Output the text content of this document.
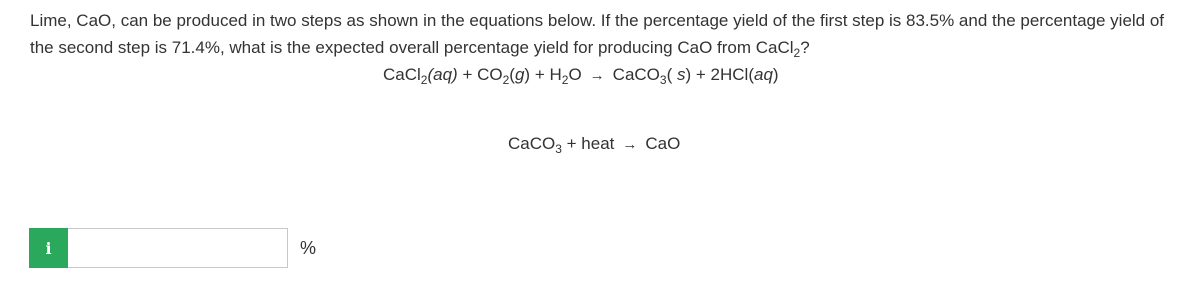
Lime, CaO, can be produced in two steps as shown in the equations below. If the percentage yield of the first step is 83.5% and the percentage yield of the second step is 71.4%, what is the expected overall percentage yield for producing CaO from CaCl$_2$?

CaCl$_2$(aq) + $CO_2(g) + H_2O$ → CaCO$_3$( s) + 2HCl(aq)
CaCO$_3$ + heat → CaO
i	%
